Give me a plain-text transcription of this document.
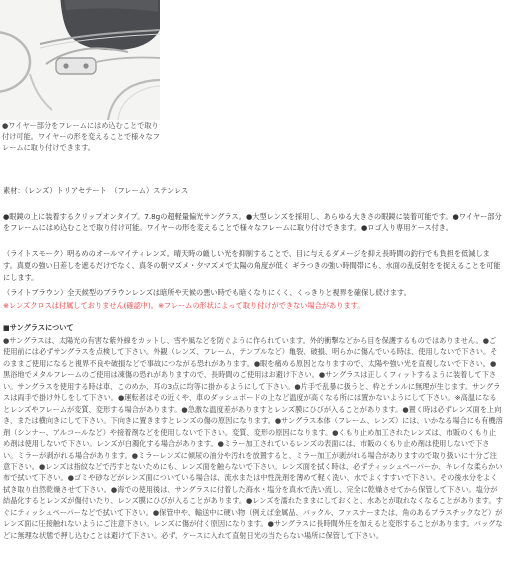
●ワイヤー部分をフレームにはめ込むことで取り付け可能。ワイヤーの形を変えることで様々なフレームに取り付けできます。

素材：（レンズ）トリアセテート　（フレーム）ステンレス

●眼鏡の上に装着するクリップオンタイプ。7.8gの超軽量偏光サングラス。●大型レンズを採用し、あらゆる大きさの眼鏡に装着可能です。●ワイヤー部分をフレームにはめ込むことで取り付け可能。ワイヤーの形を変えることで様々なフレームに取り付けできます。●ロゴ入り専用ケース付き。

（ライトスモーク）明るめのオールマイティレンズ。晴天時の厳しい光を抑制することで、目に与えるダメージを抑え長時間の釣行でも負担を低減します。真夏の強い日差しを遮るだけでなく、真冬の朝マズメ・夕マズメで太陽の角度が低く ギラつきの強い時間帯にも、水面の乱反射をを捉えることを可能にします。

（ライトブラウン）全天候型のブラウンレンズは暗所や天候の悪い時でも暗くなりにくく、くっきりと視界を確保し続けます。

※レンズクロスは付属しておりません(確認中)。※フレームの形状によって取り付けができない場合があります。

■サングラスについて

●サングラスは、太陽光の有害な紫外線をカットし、雪や風などを防ぐように作られています。外的衝撃などから目を保護するものではありません。●ご使用前には必ずサングラスを点検して下さい。外観（レンズ、フレーム、テンプルなど）亀裂、破損、明らかに傷んでいる時は、使用しないで下さい。そのままご使用になると視界不良や破損などで事故につながる恐れがあります。●眼を痛める原因となりますので、太陽や強い光を直視しないで下さい。●黒浴地でメタルフレームのご使用は凍傷の恐れがありますので、長時間のご使用はお避け下さい。●サングラスは正しくフィットするように装着して下さい。サングラスを使用する時は車、このめか、耳の3点に均等に掛かるようにして下さい。●片手で乱暴に扱うと、枠とテンルに無理が生じます。サングラスは両手で掛け外しをして下さい。●運転者はその近くや、車のダッシュボードの上など温度が高くなる所には置かないようにして下さい。※高温になるとレンズやフレームが変質、変形する場合があります。●急激な温度差がありますとレンズ膜にひびが入ることがあります。●置く時は必ずレンズ面を上向き、または横向きにして下さい。下向きに置きますとレンズの傷の原因になります。●サングラス本体（フレーム、レンズ）には、いかなる場合にも有機溶剤（シンナー、アルコールなど）や接着剤などを使用しないで下さい。変質、変形の原因になります。●くもり止め加工されたレンズは、市販のくもり止め剤は使用しないで下さい。レンズが白濁化する場合があります。●ミラー加工されているレンズの表面には、市販のくもり止め剤は使用しないで下さい。ミラーが剥がれる場合があります。●ミラーレンズに傾尿の油分や汚れを放置すると、ミラー加工が剥がれる場合がありますので取り扱いに十分ご注意下さい。●レンズは指紋などで汚すとないためにも、レンズ面を触らないで下さい。レンズ面を拭く時は、必ずティッシュペーパーか、キレイな柔らかい布で拭いて下さい。●ゴミや砂などがレンズ面についている場合は、流水または中性洗剤を薄めて軽く洗い、水でよくすすいで下さい。その後水分をよく拭き取り自然乾燥させて下さい。●海での使用後は、サングラスに付着した海水・塩分を真水で洗い流し、完全に乾燥させてから保管して下さい。塩分が結晶化するとレンズが傷付いたり、レンズ膜にひびが入ることがあります。●レンズを濡れたままにしておくと、水あとが取れなくなることがあります。すぐにティッシュペーパーなどで拭いて下さい。●保管中や、輸送中に硬い物（例えば金属品、バックル、ファスナーまたは、角のあるプラスチックなど）がレンズ面に圧接触れないようにご注意下さい。レンズに傷が付く原因になります。●サングラスに長時間外圧を加えると変形することがあります。バッグなどに無理な状態で押し込むことは避けて下さい。必ず、ケースに入れて直射日光の当たらない場所に保管して下さい。
